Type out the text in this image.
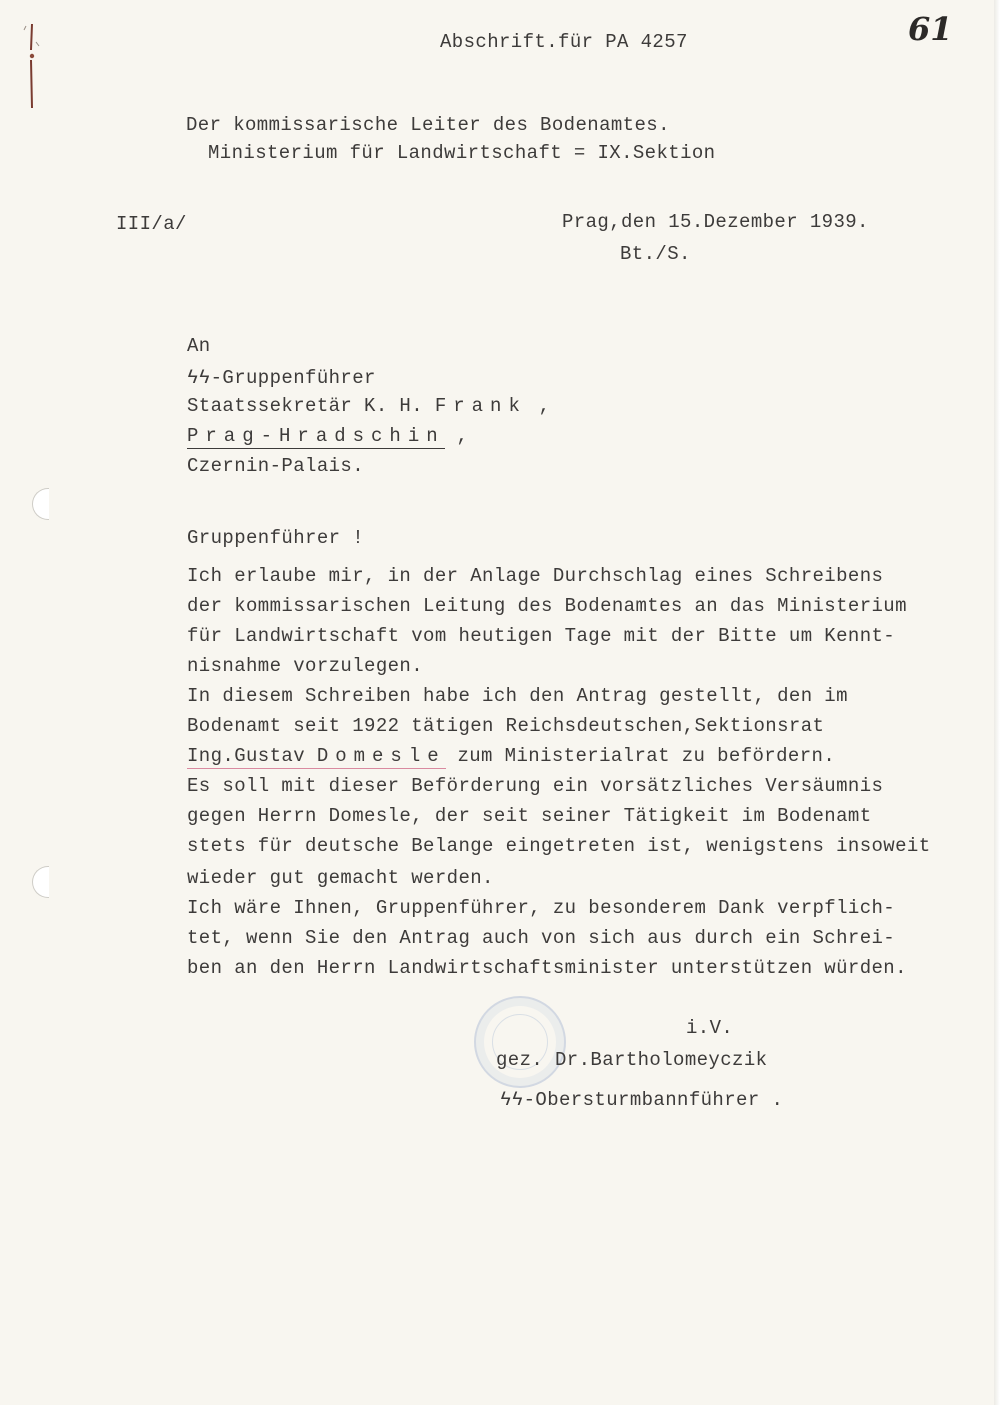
61
Abschrift.für PA 4257
Der kommissarische Leiter des Bodenamtes.
Ministerium für Landwirtschaft = IX.Sektion
III/a/	Prag,den 15.Dezember 1939.
Bt./S.
An
ϟϟ-Gruppenführer
Staatssekretär K. H. Frank ,
Prag-Hradschin ,
Czernin-Palais.
Gruppenführer !
Ich erlaube mir, in der Anlage Durchschlag eines Schreibens
der kommissarischen Leitung des Bodenamtes an das Ministerium
für Landwirtschaft vom heutigen Tage mit der Bitte um Kennt-
nisnahme vorzulegen.
In diesem Schreiben habe ich den Antrag gestellt, den im
Bodenamt seit 1922 tätigen Reichsdeutschen,Sektionsrat
Ing.Gustav Domesle zum Ministerialrat zu befördern.
Es soll mit dieser Beförderung ein vorsätzliches Versäumnis
gegen Herrn Domesle, der seit seiner Tätigkeit im Bodenamt
stets für deutsche Belange eingetreten ist, wenigstens insoweit
wieder gut gemacht werden.
Ich wäre Ihnen, Gruppenführer, zu besonderem Dank verpflich-
tet, wenn Sie den Antrag auch von sich aus durch ein Schrei-
ben an den Herrn Landwirtschaftsminister unterstützen würden.
i.V.
gez. Dr.Bartholomeyczik
ϟϟ-Obersturmbannführer .
